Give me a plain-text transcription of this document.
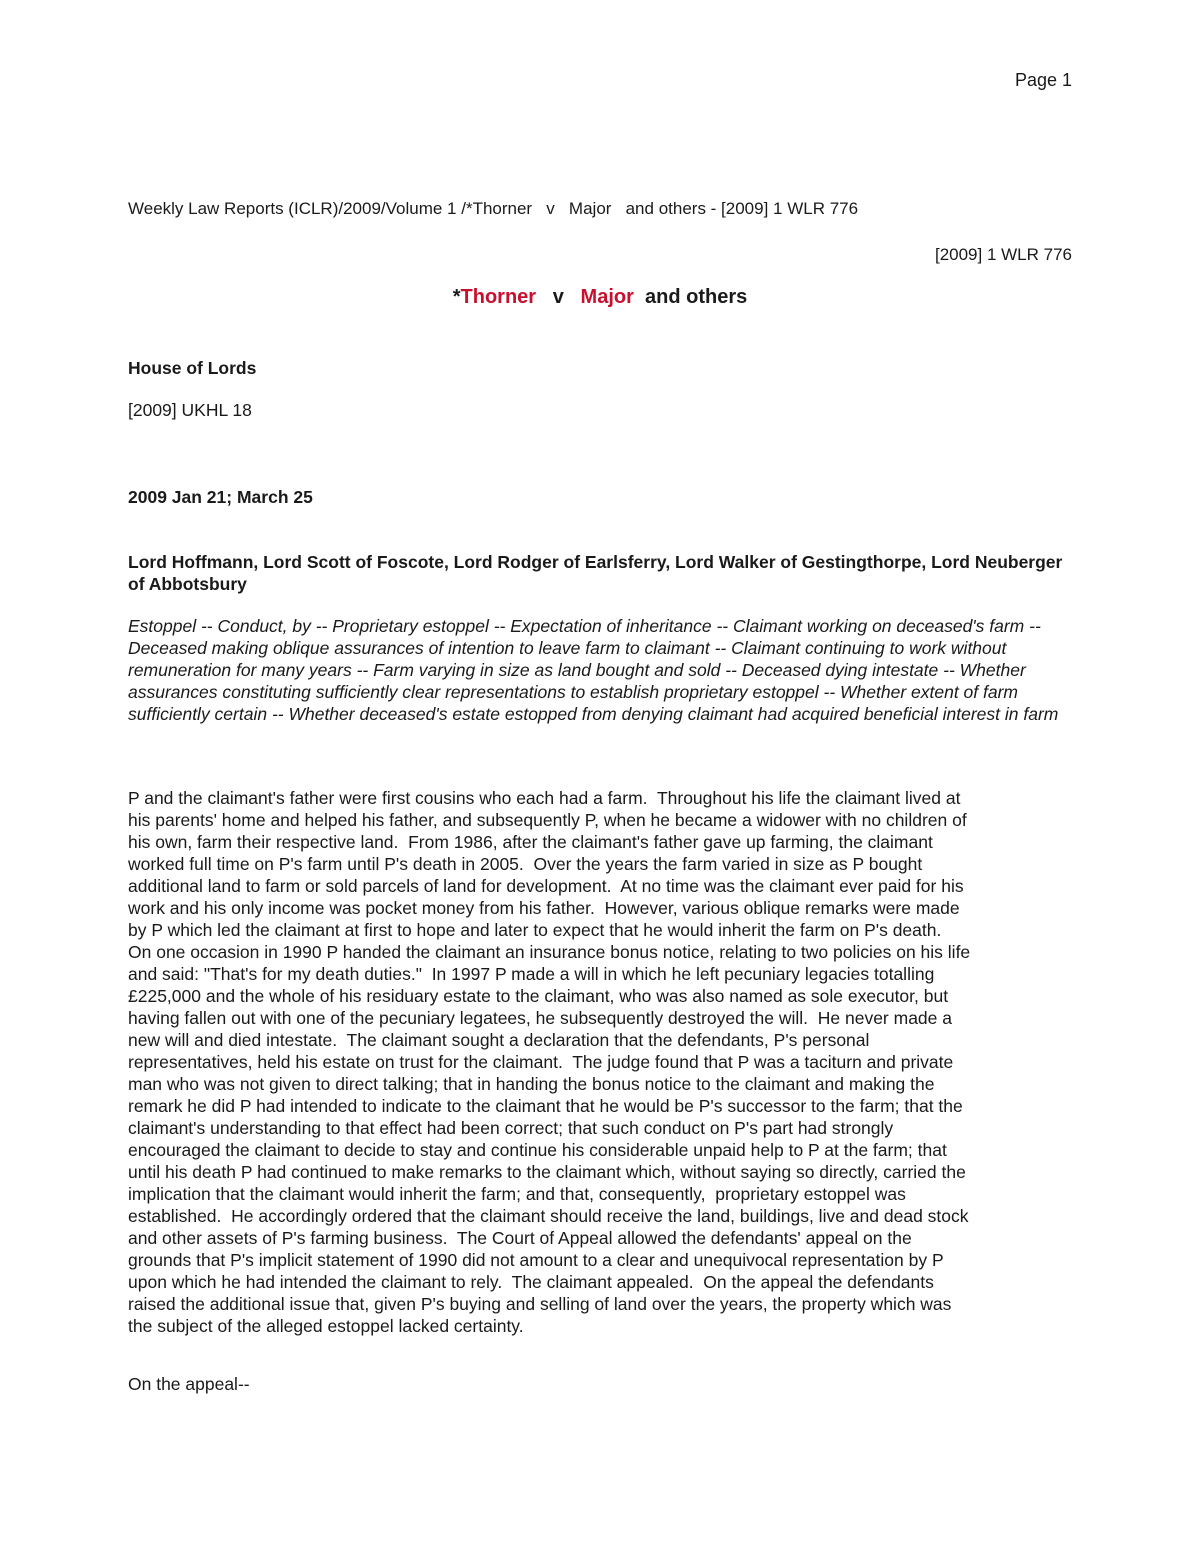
Page 1
Weekly Law Reports (ICLR)/2009/Volume 1 /*Thorner   v   Major   and others - [2009] 1 WLR 776
[2009] 1 WLR 776
*Thorner v Major and others
House of Lords
[2009] UKHL 18
2009 Jan 21; March 25
Lord Hoffmann, Lord Scott of Foscote, Lord Rodger of Earlsferry, Lord Walker of Gestingthorpe, Lord Neuberger of Abbotsbury
Estoppel -- Conduct, by -- Proprietary estoppel -- Expectation of inheritance -- Claimant working on deceased's farm -- Deceased making oblique assurances of intention to leave farm to claimant -- Claimant continuing to work without remuneration for many years -- Farm varying in size as land bought and sold -- Deceased dying intestate -- Whether assurances constituting sufficiently clear representations to establish proprietary estoppel -- Whether extent of farm sufficiently certain -- Whether deceased's estate estopped from denying claimant had acquired beneficial interest in farm
P and the claimant's father were first cousins who each had a farm.  Throughout his life the claimant lived at
his parents' home and helped his father, and subsequently P, when he became a widower with no children of
his own, farm their respective land.  From 1986, after the claimant's father gave up farming, the claimant
worked full time on P's farm until P's death in 2005.  Over the years the farm varied in size as P bought
additional land to farm or sold parcels of land for development.  At no time was the claimant ever paid for his
work and his only income was pocket money from his father.  However, various oblique remarks were made
by P which led the claimant at first to hope and later to expect that he would inherit the farm on P's death.
On one occasion in 1990 P handed the claimant an insurance bonus notice, relating to two policies on his life
and said: "That's for my death duties."  In 1997 P made a will in which he left pecuniary legacies totalling
£225,000 and the whole of his residuary estate to the claimant, who was also named as sole executor, but
having fallen out with one of the pecuniary legatees, he subsequently destroyed the will.  He never made a
new will and died intestate.  The claimant sought a declaration that the defendants, P's personal
representatives, held his estate on trust for the claimant.  The judge found that P was a taciturn and private
man who was not given to direct talking; that in handing the bonus notice to the claimant and making the
remark he did P had intended to indicate to the claimant that he would be P's successor to the farm; that the
claimant's understanding to that effect had been correct; that such conduct on P's part had strongly
encouraged the claimant to decide to stay and continue his considerable unpaid help to P at the farm; that
until his death P had continued to make remarks to the claimant which, without saying so directly, carried the
implication that the claimant would inherit the farm; and that, consequently,  proprietary estoppel was
established.  He accordingly ordered that the claimant should receive the land, buildings, live and dead stock
and other assets of P's farming business.  The Court of Appeal allowed the defendants' appeal on the
grounds that P's implicit statement of 1990 did not amount to a clear and unequivocal representation by P
upon which he had intended the claimant to rely.  The claimant appealed.  On the appeal the defendants
raised the additional issue that, given P's buying and selling of land over the years, the property which was
the subject of the alleged estoppel lacked certainty.
On the appeal--
